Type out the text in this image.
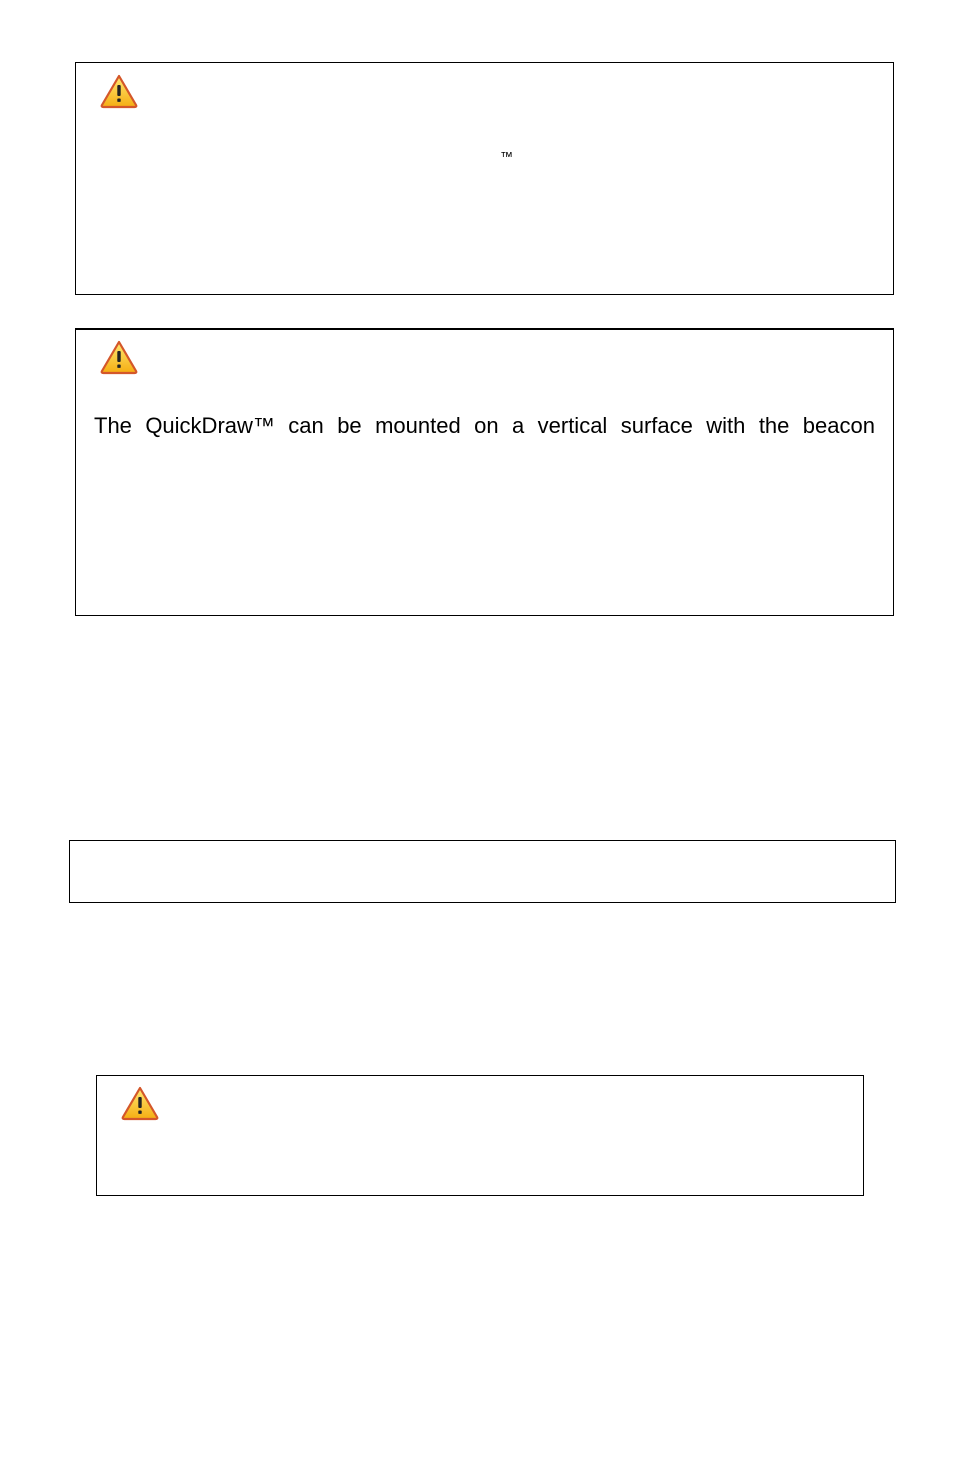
™
The QuickDraw™ can be mounted on a vertical surface with the beacon
